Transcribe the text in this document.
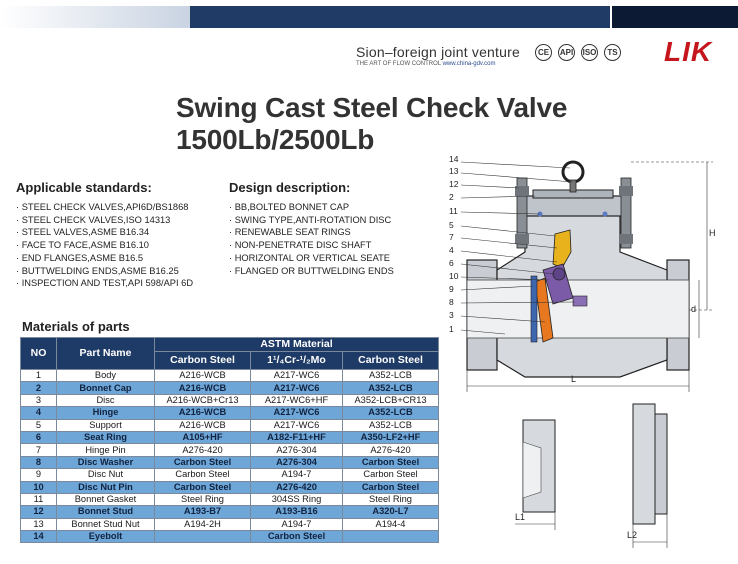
Sion–foreign joint venture
THE ART OF FLOW CONTROL www.china-gdv.com
CE	API ISO	TS LIK
Swing Cast Steel Check Valve 1500Lb/2500Lb
Applicable standards:
· STEEL CHECK VALVES,API6D/BS1868
· STEEL CHECK VALVES,ISO 14313
· STEEL VALVES,ASME B16.34
· FACE TO FACE,ASME B16.10
· END FLANGES,ASME B16.5
· BUTTWELDING ENDS,ASME B16.25
· INSPECTION AND TEST,API 598/API 6D
Design description:
· BB,BOLTED BONNET CAP
· SWING TYPE,ANTI-ROTATION DISC
· RENEWABLE SEAT RINGS
· NON-PENETRATE DISC SHAFT
· HORIZONTAL OR VERTICAL SEATE
· FLANGED OR BUTTWELDING ENDS
Materials of parts
NO	Part Name	ASTM Material		
		Carbon Steel	1¹/₄Cr-¹/₂Mo	Carbon Steel
1	Body	A216-WCB	A217-WC6	A352-LCB
2	Bonnet Cap	A216-WCB	A217-WC6	A352-LCB
3	Disc	A216-WCB+Cr13	A217-WC6+HF	A352-LCB+CR13
4	Hinge	A216-WCB	A217-WC6	A352-LCB
5	Support	A216-WCB	A217-WC6	A352-LCB
6	Seat Ring	A105+HF	A182-F11+HF	A350-LF2+HF
7	Hinge Pin	A276-420	A276-304	A276-420
8	Disc Washer	Carbon Steel	A276-304	Carbon Steel
9	Disc Nut	Carbon Steel	A194-7	Carbon Steel
10	Disc Nut Pin	Carbon Steel	A276-420	Carbon Steel
11	Bonnet Gasket	Steel Ring	304SS Ring	Steel Ring
12	Bonnet Stud	A193-B7	A193-B16	A320-L7
13	Bonnet Stud Nut	A194-2H	A194-7	A194-4
14	Eyebolt		Carbon Steel	
14
13
12
2
11
5
7
4
6
10
9
8
3
1
H
d
L
L1
L2
